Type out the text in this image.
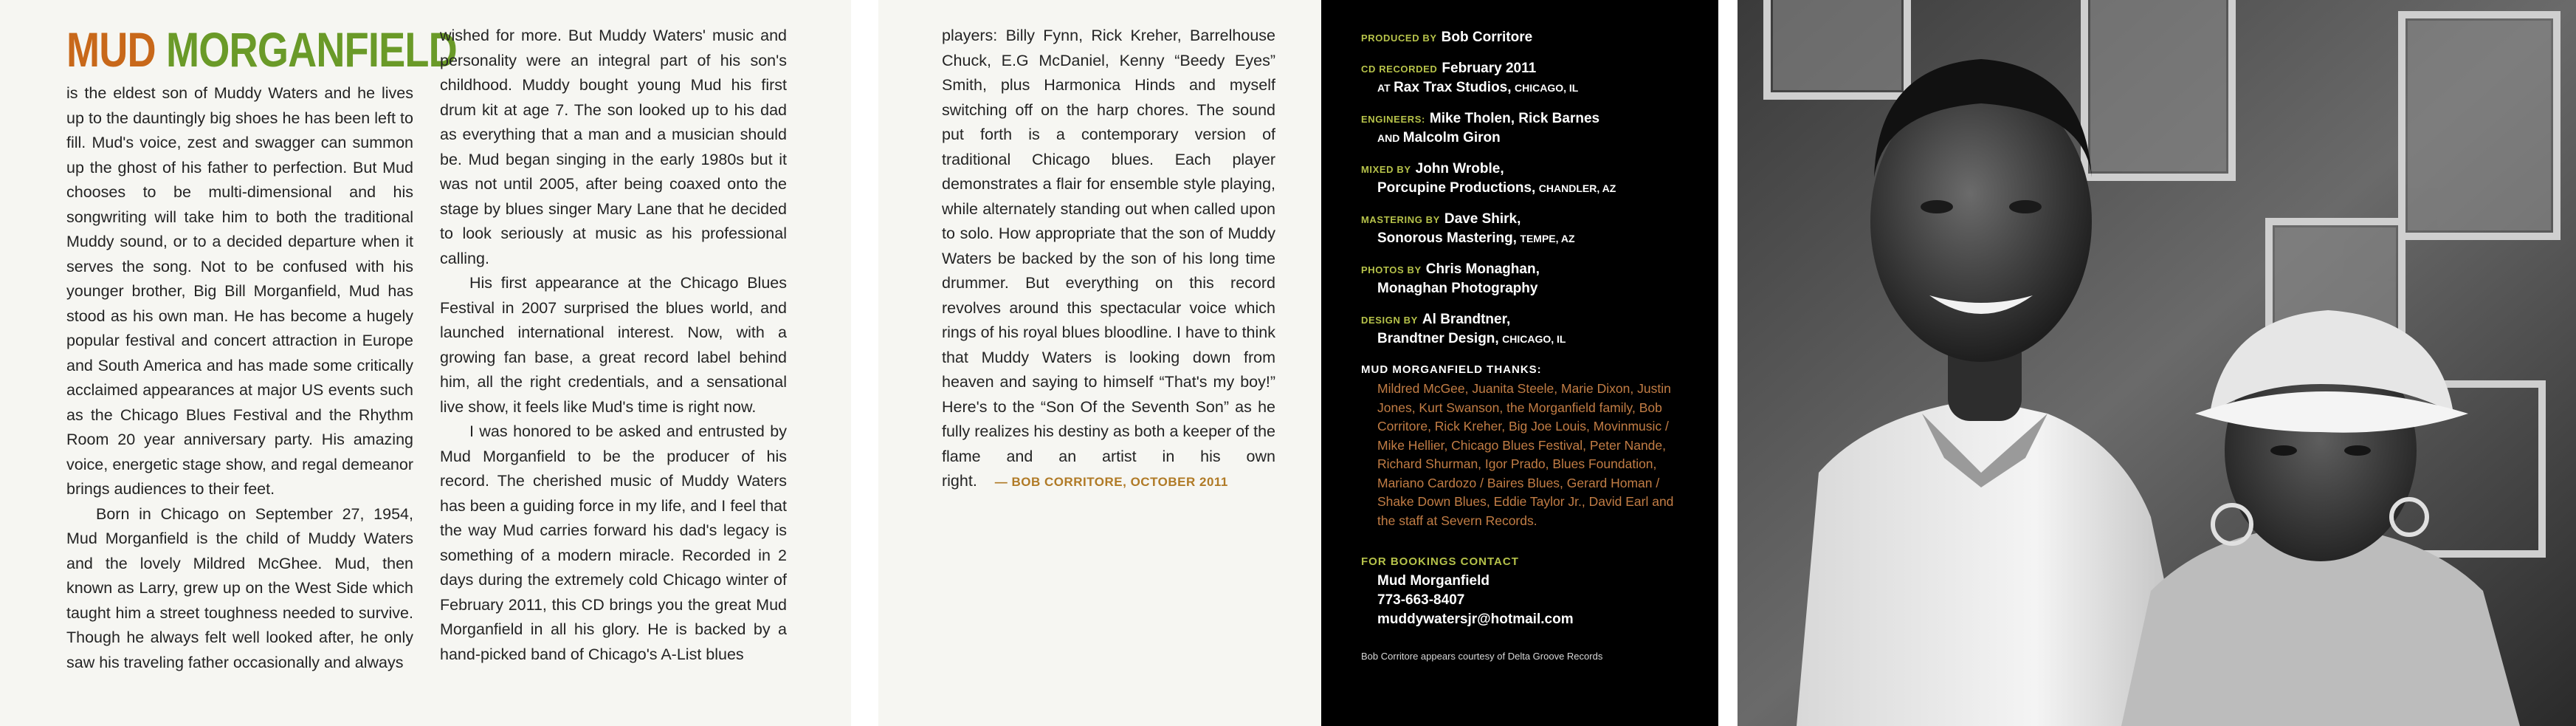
MUD MORGANFIELD

is the eldest son of Muddy Waters and he lives up to the dauntingly big shoes he has been left to fill. Mud's voice, zest and swagger can summon up the ghost of his father to perfection. But Mud chooses to be multi-dimensional and his songwriting will take him to both the traditional Muddy sound, or to a decided departure when it serves the song. Not to be confused with his younger brother, Big Bill Morganfield, Mud has stood as his own man. He has become a hugely popular festival and concert attraction in Europe and South America and has made some critically acclaimed appearances at major US events such as the Chicago Blues Festival and the Rhythm Room 20 year anniversary party. His amazing voice, energetic stage show, and regal demeanor brings audiences to their feet.

Born in Chicago on September 27, 1954, Mud Morganfield is the child of Muddy Waters and the lovely Mildred McGhee. Mud, then known as Larry, grew up on the West Side which taught him a street toughness needed to survive. Though he always felt well looked after, he only saw his traveling father occasionally and always

PRODUCED BY Bob Corritore
CD RECORDED February 2011
AT Rax Trax Studios, CHICAGO, IL
ENGINEERS: Mike Tholen, Rick Barnes
AND Malcolm Giron
MIXED BY John Wroble,
Porcupine Productions, CHANDLER, AZ
MASTERING BY Dave Shirk,
Sonorous Mastering, TEMPE, AZ
PHOTOS BY Chris Monaghan,
Monaghan Photography
DESIGN BY Al Brandtner,
Brandtner Design, CHICAGO, IL
MUD MORGANFIELD THANKS:
Mildred McGee, Juanita Steele, Marie Dixon, Justin Jones, Kurt Swanson, the Morganfield family, Bob Corritore, Rick Kreher, Big Joe Louis, Movinmusic / Mike Hellier, Chicago Blues Festival, Peter Nande, Richard Shurman, Igor Prado, Blues Foundation, Mariano Cardozo / Baires Blues, Gerard Homan / Shake Down Blues, Eddie Taylor Jr., David Earl and the staff at Severn Records.
FOR BOOKINGS CONTACT
Mud Morganfield
773-663-8407
muddywatersjr@hotmail.com
Bob Corritore appears courtesy of Delta Groove Records

wished for more. But Muddy Waters' music and personality were an integral part of his son's childhood. Muddy bought young Mud his first drum kit at age 7. The son looked up to his dad as everything that a man and a musician should be. Mud began singing in the early 1980s but it was not until 2005, after being coaxed onto the stage by blues singer Mary Lane that he decided to look seriously at music as his professional calling.

His first appearance at the Chicago Blues Festival in 2007 surprised the blues world, and launched international interest. Now, with a growing fan base, a great record label behind him, all the right credentials, and a sensational live show, it feels like Mud's time is right now.

I was honored to be asked and entrusted by Mud Morganfield to be the producer of his record. The cherished music of Muddy Waters has been a guiding force in my life, and I feel that the way Mud carries forward his dad's legacy is something of a modern miracle. Recorded in 2 days during the extremely cold Chicago winter of February 2011, this CD brings you the great Mud Morganfield in all his glory. He is backed by a hand-picked band of Chicago's A-List blues

players: Billy Fynn, Rick Kreher, Barrelhouse Chuck, E.G McDaniel, Kenny “Beedy Eyes” Smith, plus Harmonica Hinds and myself switching off on the harp chores. The sound put forth is a contemporary version of traditional Chicago blues. Each player demonstrates a flair for ensemble style playing, while alternately standing out when called upon to solo. How appropriate that the son of Muddy Waters be backed by the son of his long time drummer. But everything on this record revolves around this spectacular voice which rings of his royal blues bloodline. I have to think that Muddy Waters is looking down from heaven and saying to himself “That's my boy!” Here's to the “Son Of the Seventh Son” as he fully realizes his destiny as both a keeper of the flame and an artist in his own right. — BOB CORRITORE, OCTOBER 2011
